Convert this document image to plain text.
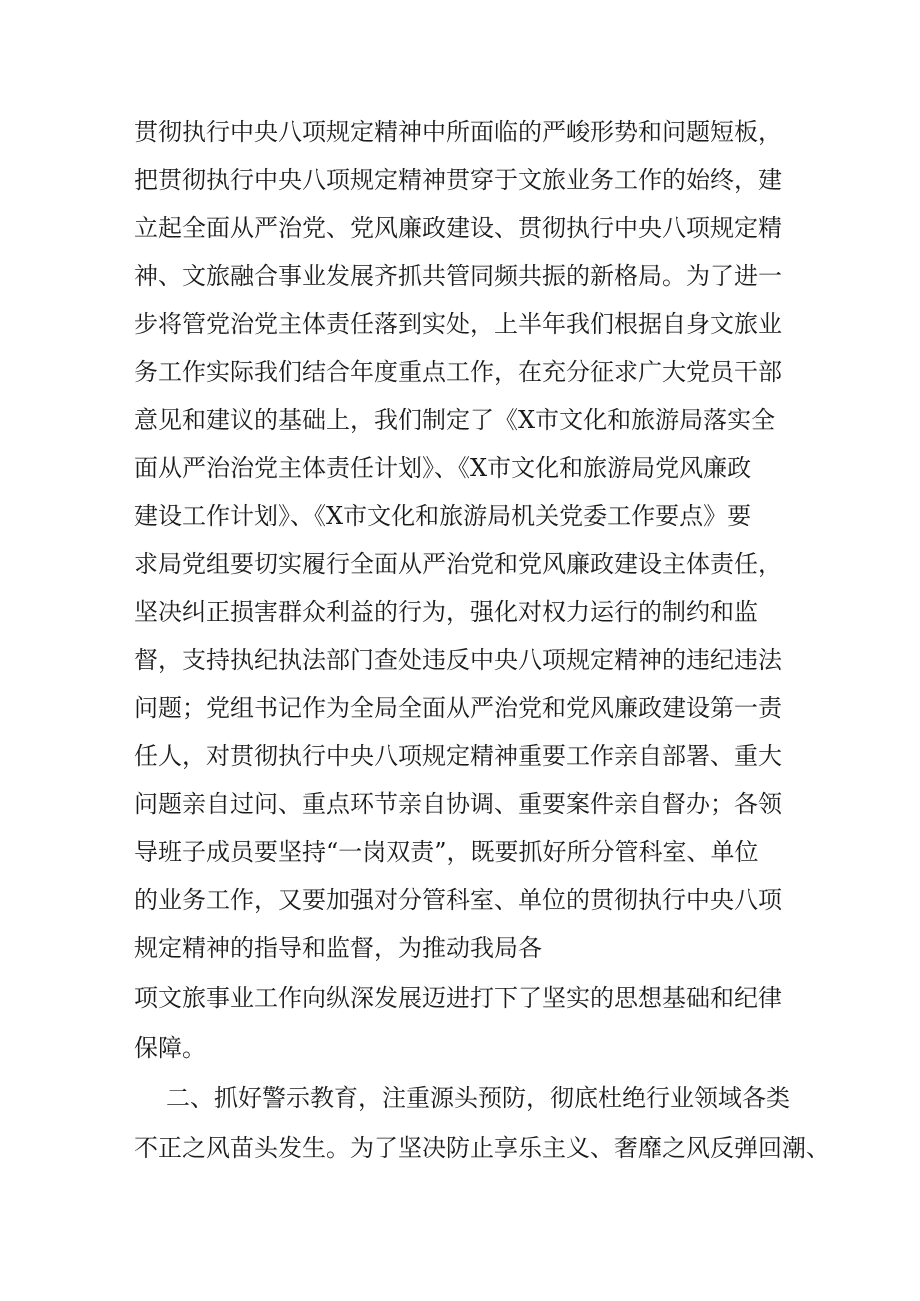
贯彻执行中央八项规定精神中所面临的严峻形势和问题短板，
把贯彻执行中央八项规定精神贯穿于文旅业务工作的始终，建
立起全面从严治党、党风廉政建设、贯彻执行中央八项规定精
神、文旅融合事业发展齐抓共管同频共振的新格局。为了进一
步将管党治党主体责任落到实处，上半年我们根据自身文旅业
务工作实际我们结合年度重点工作，在充分征求广大党员干部
意见和建议的基础上，我们制定了《X市文化和旅游局落实全
面从严治治党主体责任计划》、《X市文化和旅游局党风廉政
建设工作计划》、《X市文化和旅游局机关党委工作要点》要
求局党组要切实履行全面从严治党和党风廉政建设主体责任，
坚决纠正损害群众利益的行为，强化对权力运行的制约和监
督，支持执纪执法部门查处违反中央八项规定精神的违纪违法
问题；党组书记作为全局全面从严治党和党风廉政建设第一责
任人，对贯彻执行中央八项规定精神重要工作亲自部署、重大
问题亲自过问、重点环节亲自协调、重要案件亲自督办；各领
导班子成员要坚持“一岗双责”，既要抓好所分管科室、单位
的业务工作，又要加强对分管科室、单位的贯彻执行中央八项
规定精神的指导和监督，为推动我局各
项文旅事业工作向纵深发展迈进打下了坚实的思想基础和纪律
保障。
二、抓好警示教育，注重源头预防，彻底杜绝行业领域各类
不正之风苗头发生。为了坚决防止享乐主义、奢靡之风反弹回潮、
